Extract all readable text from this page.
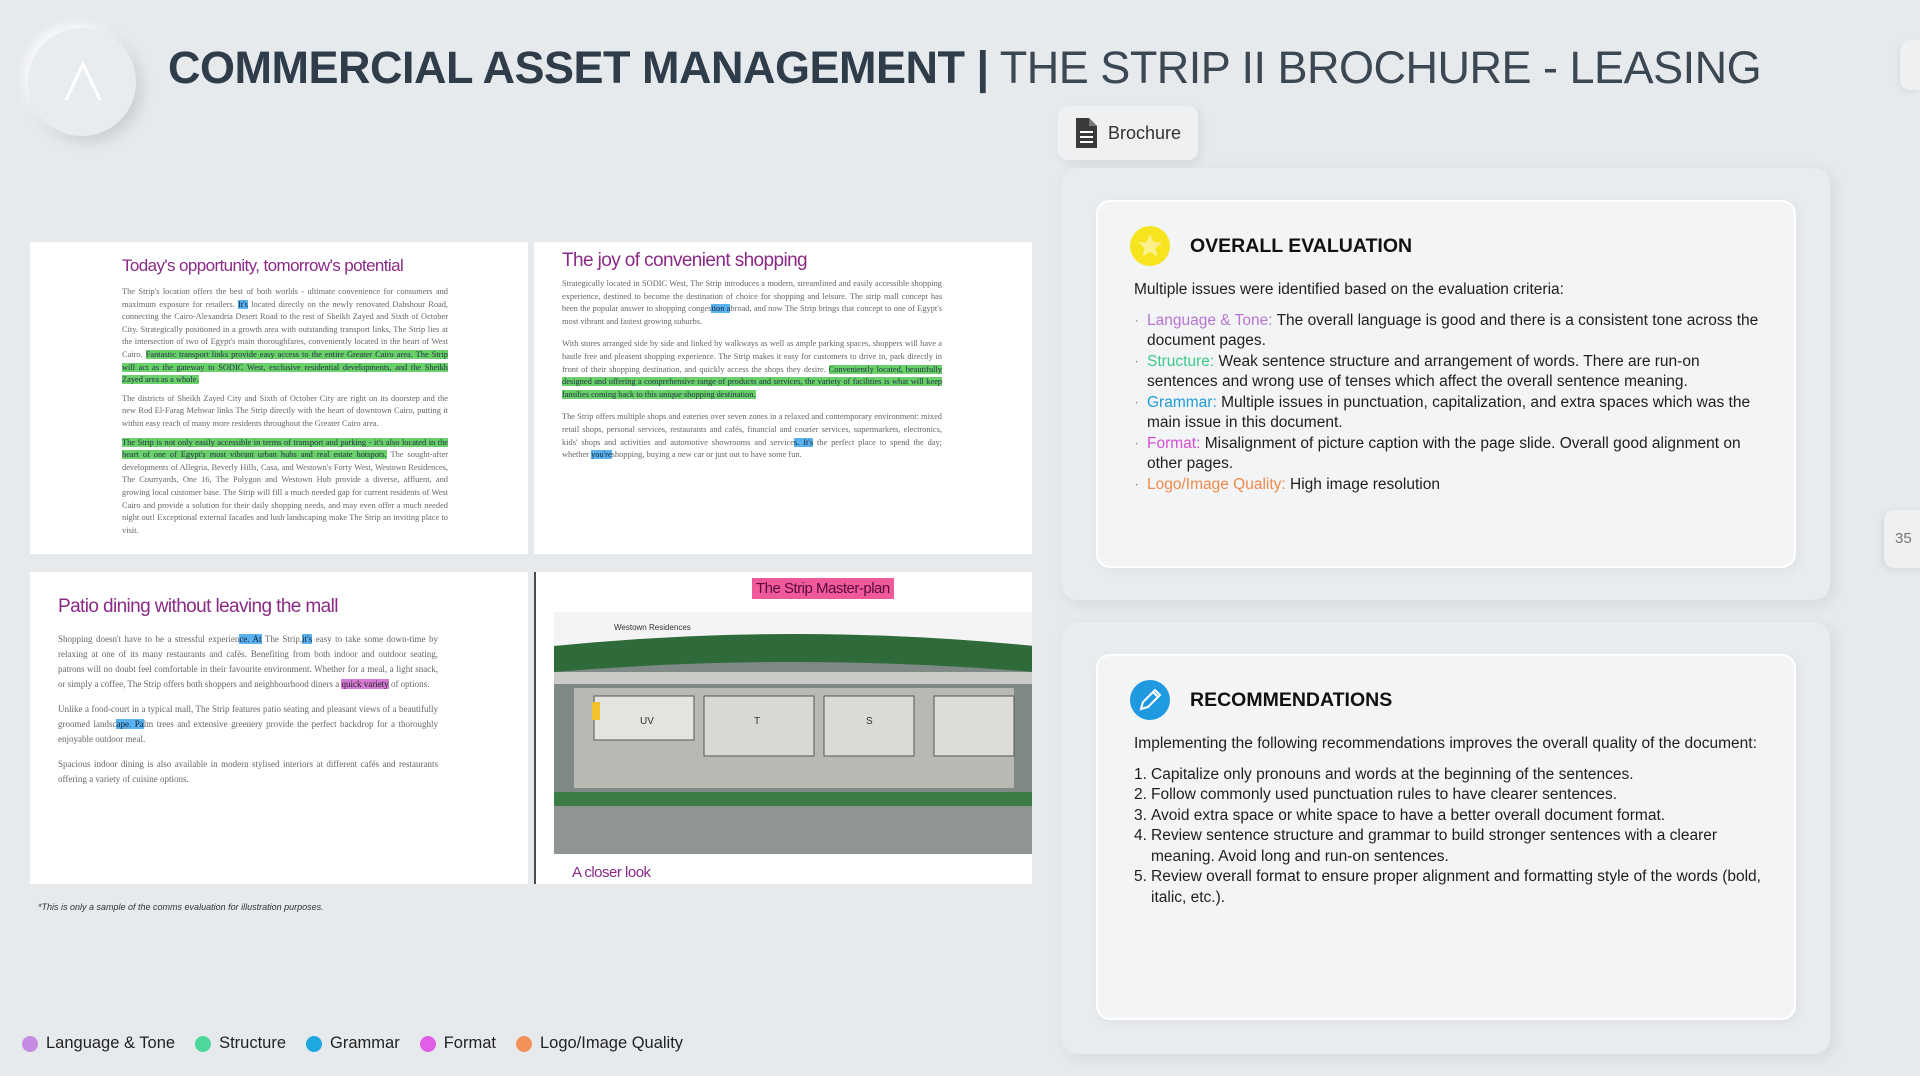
COMMERCIAL ASSET MANAGEMENT | THE STRIP II BROCHURE - LEASING
Brochure
35
Today's opportunity, tomorrow's potential
The Strip's location offers the best of both worlds - ultimate convenience for consumers and maximum exposure for retailers. It's located directly on the newly renovated Dahshour Road, connecting the Cairo-Alexandria Desert Road to the rest of Sheikh Zayed and Sixth of October City. Strategically positioned in a growth area with outstanding transport links, The Strip lies at the intersection of two of Egypt's main thoroughfares, conveniently located in the heart of West Cairo. Fantastic transport links provide easy access to the entire Greater Cairo area. The Strip will act as the gateway to SODIC West, exclusive residential developments, and the Sheikh Zayed area as a whole.

The districts of Sheikh Zayed City and Sixth of October City are right on its doorstep and the new Rod El-Farag Mehwar links The Strip directly with the heart of downtown Cairo, putting it within easy reach of many more residents throughout the Greater Cairo area.

The Strip is not only easily accessible in terms of transport and parking - it's also located in the heart of one of Egypt's most vibrant urban hubs and real estate hotspots. The sought-after developments of Allegria, Beverly Hills, Casa, and Westown's Forty West, Westown Residences, The Courtyards, One 16, The Polygon and Westown Hub provide a diverse, affluent, and growing local customer base. The Strip will fill a much needed gap for current residents of West Cairo and provide a solution for their daily shopping needs, and may even offer a much needed night out! Exceptional external facades and lush landscaping make The Strip an inviting place to visit.
The joy of convenient shopping
Strategically located in SODIC West, The Strip introduces a modern, streamlined and easily accessible shopping experience, destined to become the destination of choice for shopping and leisure. The strip mall concept has been the popular answer to shopping congestion abroad, and now The Strip brings that concept to one of Egypt's most vibrant and fastest growing suburbs.
With stores arranged side by side and linked by walkways as well as ample parking spaces, shoppers will have a hastle free and pleasent shopping experience. The Strip makes it easy for customers to drive in, park directly in front of their shopping destination, and quickly access the shops they desire. Conveniently located, beautifully designed and offering a comprehensive range of products and services, the variety of facilities is what will keep families coming back to this unique shopping destination.
The Strip offers multiple shops and eateries over seven zones in a relaxed and contemporary environment: mixed retail shops, personal services, restaurants and cafés, financial and courier services, supermarkets, electronics, kids' shops and activities and automotive showrooms and services. It's the perfect place to spend the day; whether you'reshopping, buying a new car or just out to have some fun.
Patio dining without leaving the mall
Shopping doesn't have to be a stressful experience. At The Strip,it's easy to take some down-time by relaxing at one of its many restaurants and cafés. Benefiting from both indoor and outdoor seating, patrons will no doubt feel comfortable in their favourite environment. Whether for a meal, a light snack, or simply a coffee, The Strip offers both shoppers and neighbourhood diners a quick variety of options.
Unlike a food-court in a typical mall, The Strip features patio seating and pleasant views of a beautifully groomed landscape. Palm trees and extensive greenery provide the perfect backdrop for a thoroughly enjoyable outdoor meal.
Spacious indoor dining is also available in modern stylised interiors at different cafés and restaurants offering a variety of cuisine options.
The Strip Master-plan
Westown Residences
UV	T	S
A closer look
*This is only a sample of the comms evaluation for illustration purposes.
Language & Tone	Structure	Grammar	Format	Logo/Image Quality
OVERALL EVALUATION

Multiple issues were identified based on the evaluation criteria:

· Language & Tone: The overall language is good and there is a consistent tone across the document pages.
· Structure: Weak sentence structure and arrangement of words. There are run-on sentences and wrong use of tenses which affect the overall sentence meaning.
· Grammar: Multiple issues in punctuation, capitalization, and extra spaces which was the main issue in this document.
· Format: Misalignment of picture caption with the page slide. Overall good alignment on other pages.
· Logo/Image Quality: High image resolution
RECOMMENDATIONS

Implementing the following recommendations improves the overall quality of the document:

1. Capitalize only pronouns and words at the beginning of the sentences.
2. Follow commonly used punctuation rules to have clearer sentences.
3. Avoid extra space or white space to have a better overall document format.
4. Review sentence structure and grammar to build stronger sentences with a clearer meaning. Avoid long and run-on sentences.
5. Review overall format to ensure proper alignment and formatting style of the words (bold, italic, etc.).
